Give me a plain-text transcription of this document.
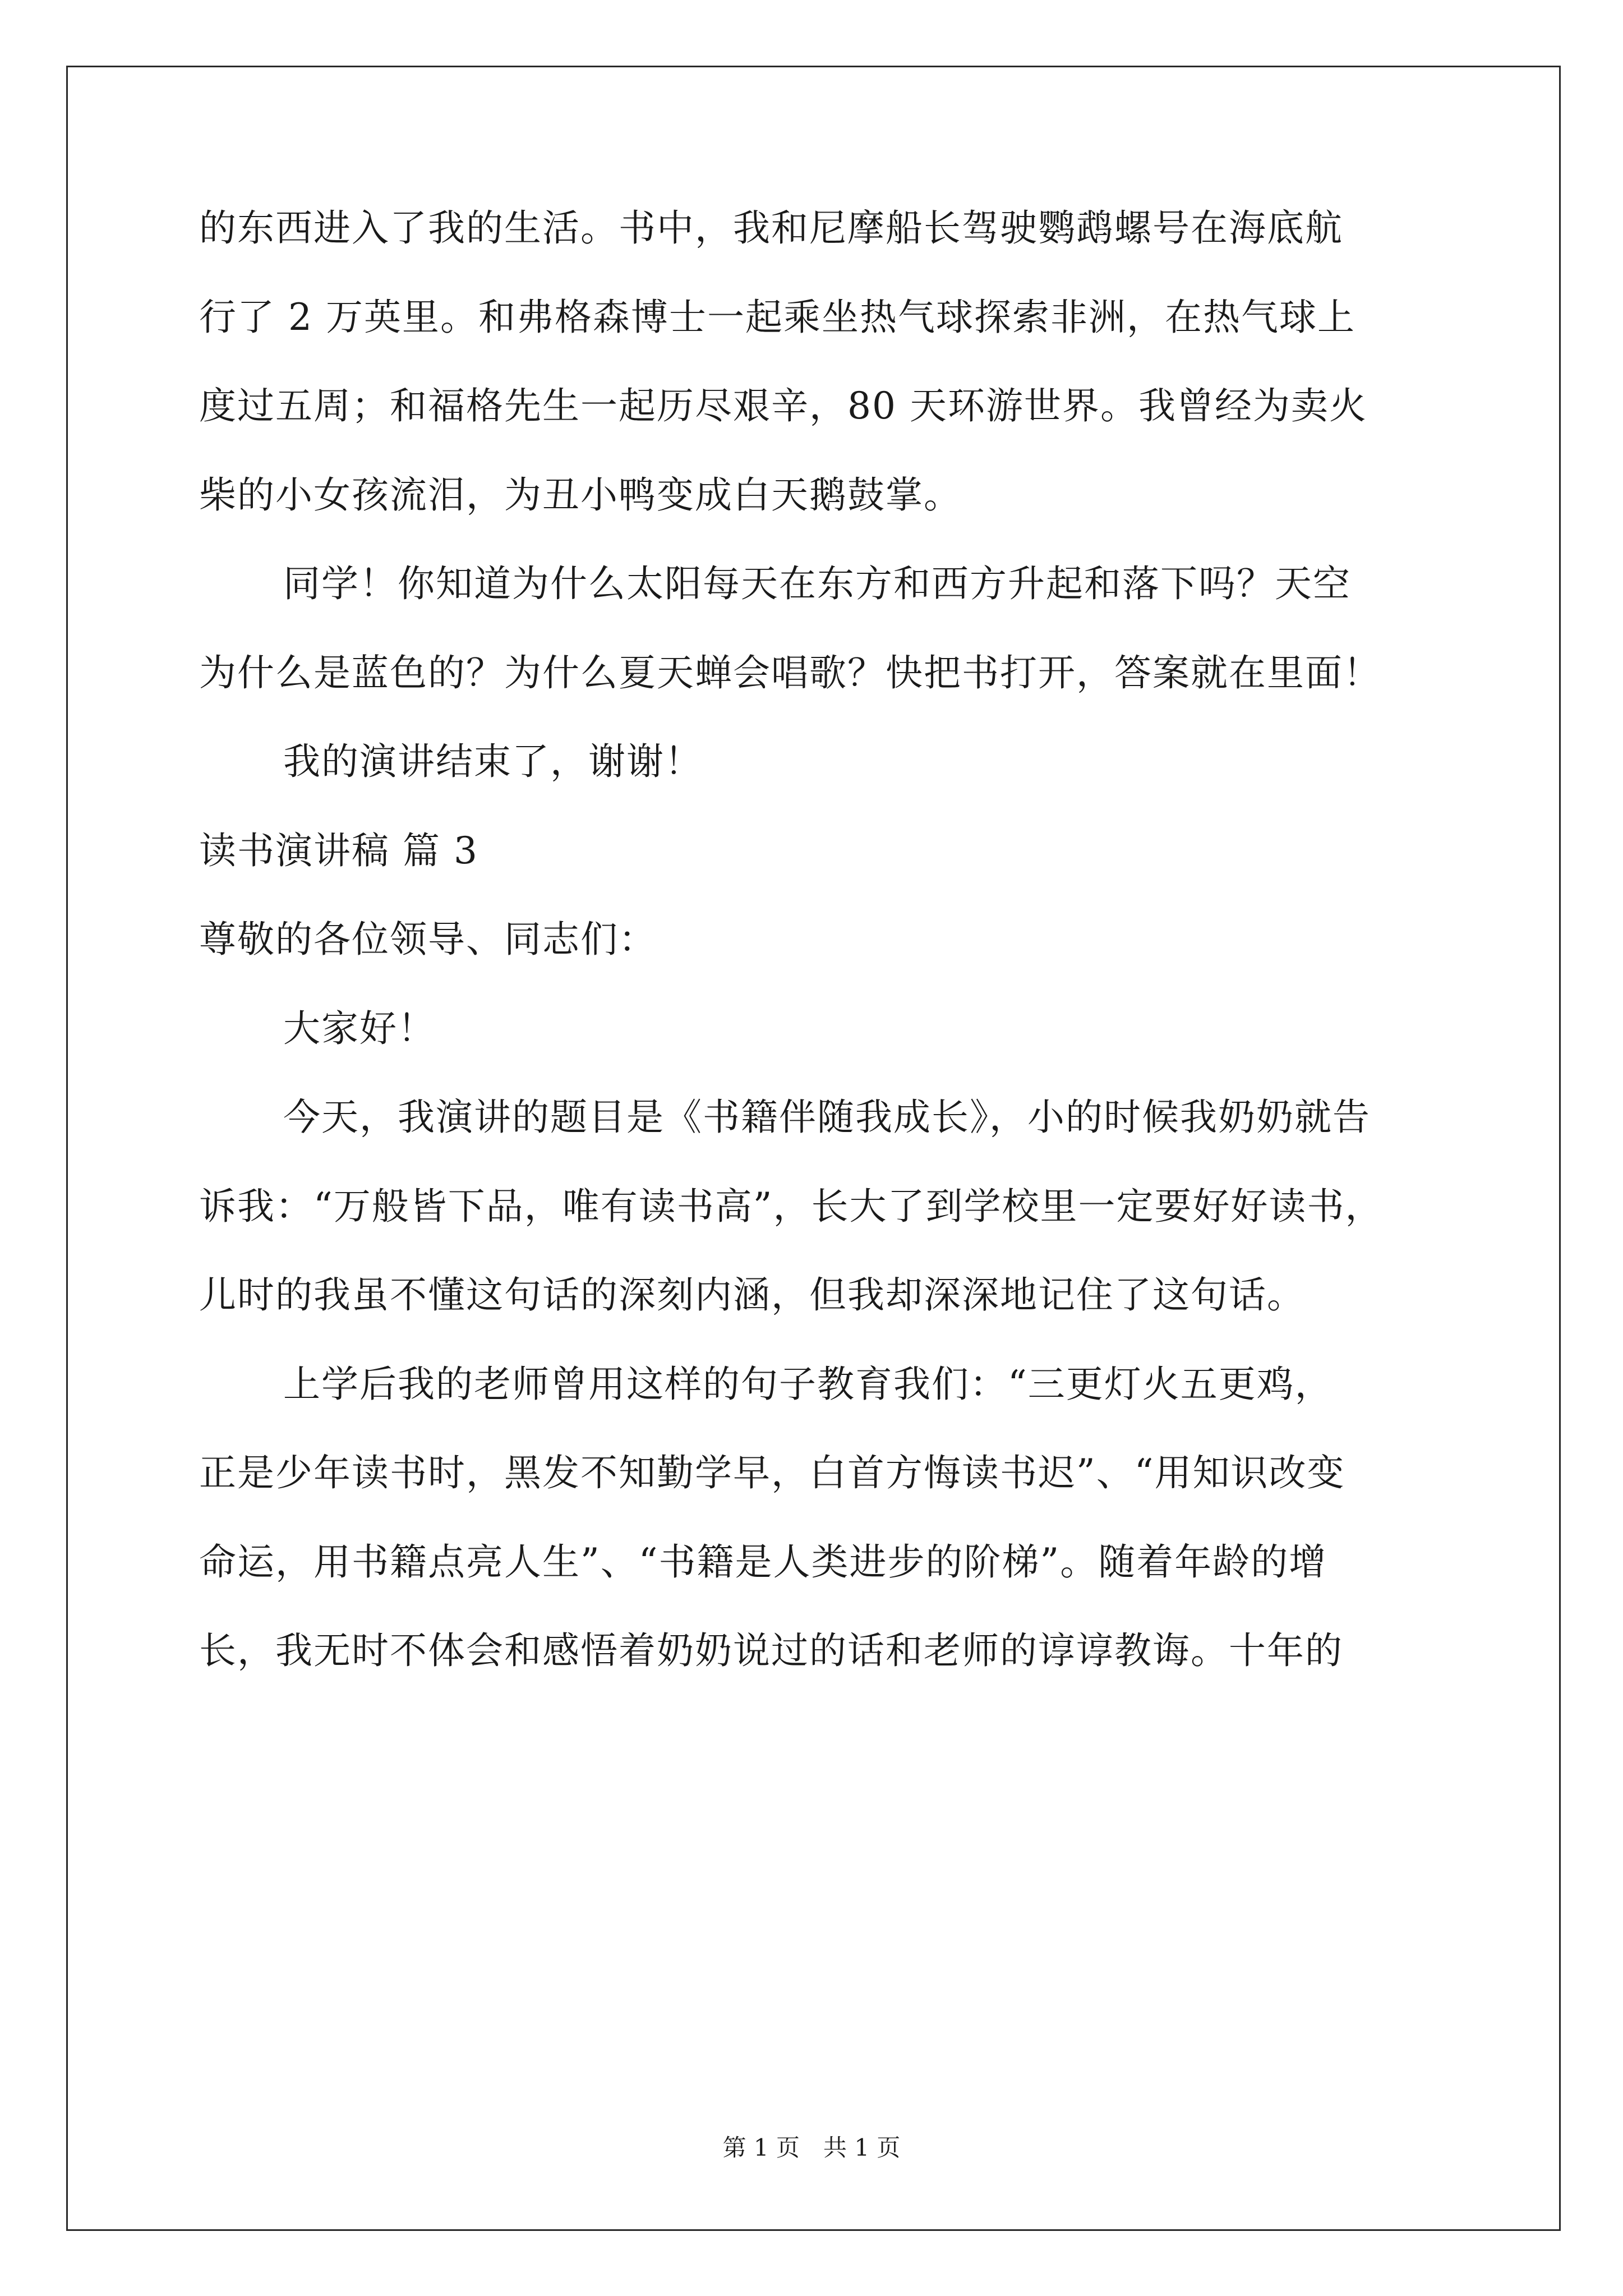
的东西进入了我的生活。书中，我和尼摩船长驾驶鹦鹉螺号在海底航
行了 2 万英里。和弗格森博士一起乘坐热气球探索非洲，在热气球上
度过五周；和福格先生一起历尽艰辛，80 天环游世界。我曾经为卖火
柴的小女孩流泪，为丑小鸭变成白天鹅鼓掌。
同学！你知道为什么太阳每天在东方和西方升起和落下吗？天空
为什么是蓝色的？为什么夏天蝉会唱歌？快把书打开，答案就在里面！
我的演讲结束了，谢谢！
读书演讲稿 篇 3
尊敬的各位领导、同志们：
大家好！
今天，我演讲的题目是《书籍伴随我成长》，小的时候我奶奶就告
诉我：“万般皆下品，唯有读书高”，长大了到学校里一定要好好读书，
儿时的我虽不懂这句话的深刻内涵，但我却深深地记住了这句话。
上学后我的老师曾用这样的句子教育我们：“三更灯火五更鸡，
正是少年读书时，黑发不知勤学早，白首方悔读书迟”、“用知识改变
命运，用书籍点亮人生”、“书籍是人类进步的阶梯”。随着年龄的增
长，我无时不体会和感悟着奶奶说过的话和老师的谆谆教诲。十年的
第 1 页　共 1 页
